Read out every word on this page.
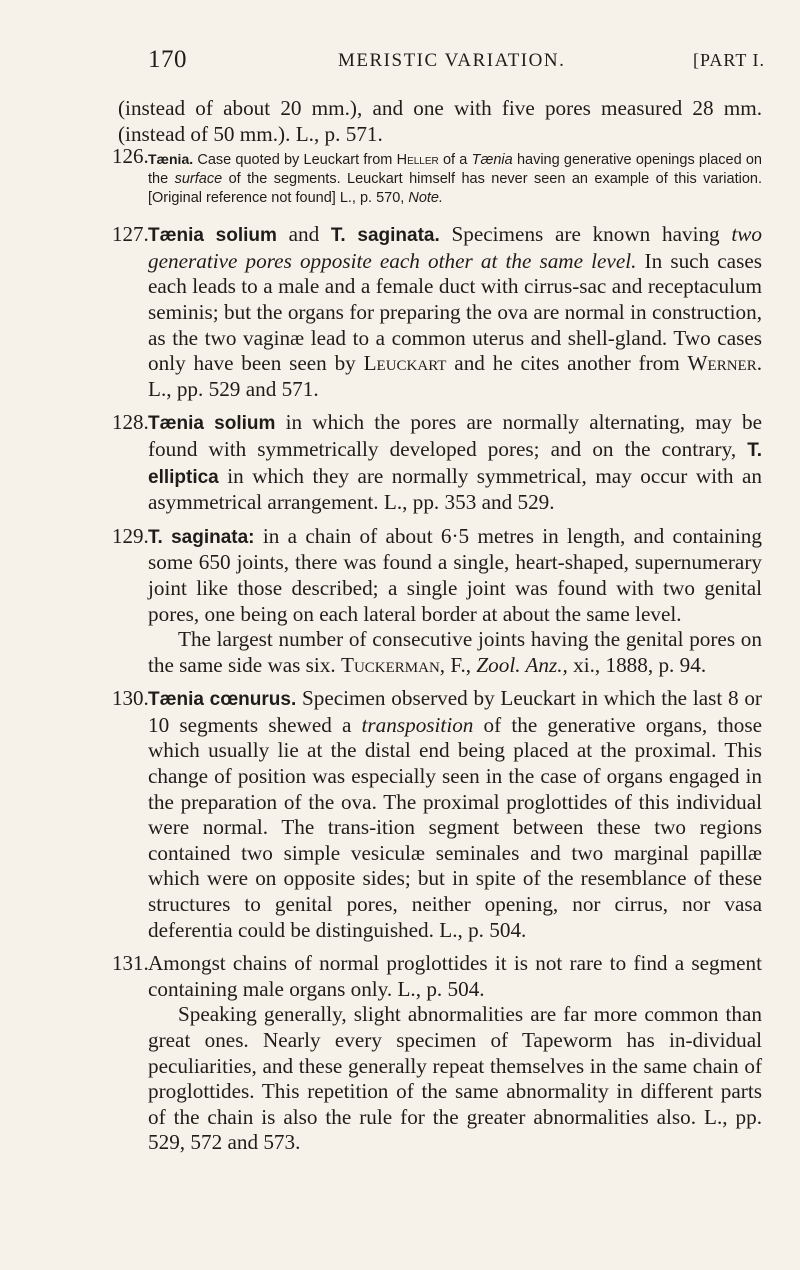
170	MERISTIC VARIATION.	[PART I.

(instead of about 20 mm.), and one with five pores measured 28 mm. (instead of 50 mm.). L., p. 571.

126. Tænia. Case quoted by Leuckart from Heller of a Tænia having generative openings placed on the surface of the segments. Leuckart himself has never seen an example of this variation. [Original reference not found] L., p. 570, Note.

127. Tænia solium and T. saginata. Specimens are known having two generative pores opposite each other at the same level. In such cases each leads to a male and a female duct with cirrus-sac and receptaculum seminis; but the organs for preparing the ova are normal in construction, as the two vaginæ lead to a common uterus and shell-gland. Two cases only have been seen by Leuckart and he cites another from Werner. L., pp. 529 and 571.

128. Tænia solium in which the pores are normally alternating, may be found with symmetrically developed pores; and on the contrary, T. elliptica in which they are normally symmetrical, may occur with an asymmetrical arrangement. L., pp. 353 and 529.

129. T. saginata: in a chain of about 6·5 metres in length, and containing some 650 joints, there was found a single, heart-shaped, supernumerary joint like those described; a single joint was found with two genital pores, one being on each lateral border at about the same level.

The largest number of consecutive joints having the genital pores on the same side was six. Tuckerman, F., Zool. Anz., xi., 1888, p. 94.

130. Tænia cœnurus. Specimen observed by Leuckart in which the last 8 or 10 segments shewed a transposition of the generative organs, those which usually lie at the distal end being placed at the proximal. This change of position was especially seen in the case of organs engaged in the preparation of the ova. The proximal proglottides of this individual were normal. The trans-ition segment between these two regions contained two simple vesiculæ seminales and two marginal papillæ which were on opposite sides; but in spite of the resemblance of these structures to genital pores, neither opening, nor cirrus, nor vasa deferentia could be distinguished. L., p. 504.

131. Amongst chains of normal proglottides it is not rare to find a segment containing male organs only. L., p. 504.

Speaking generally, slight abnormalities are far more common than great ones. Nearly every specimen of Tapeworm has in-dividual peculiarities, and these generally repeat themselves in the same chain of proglottides. This repetition of the same abnormality in different parts of the chain is also the rule for the greater abnormalities also. L., pp. 529, 572 and 573.
